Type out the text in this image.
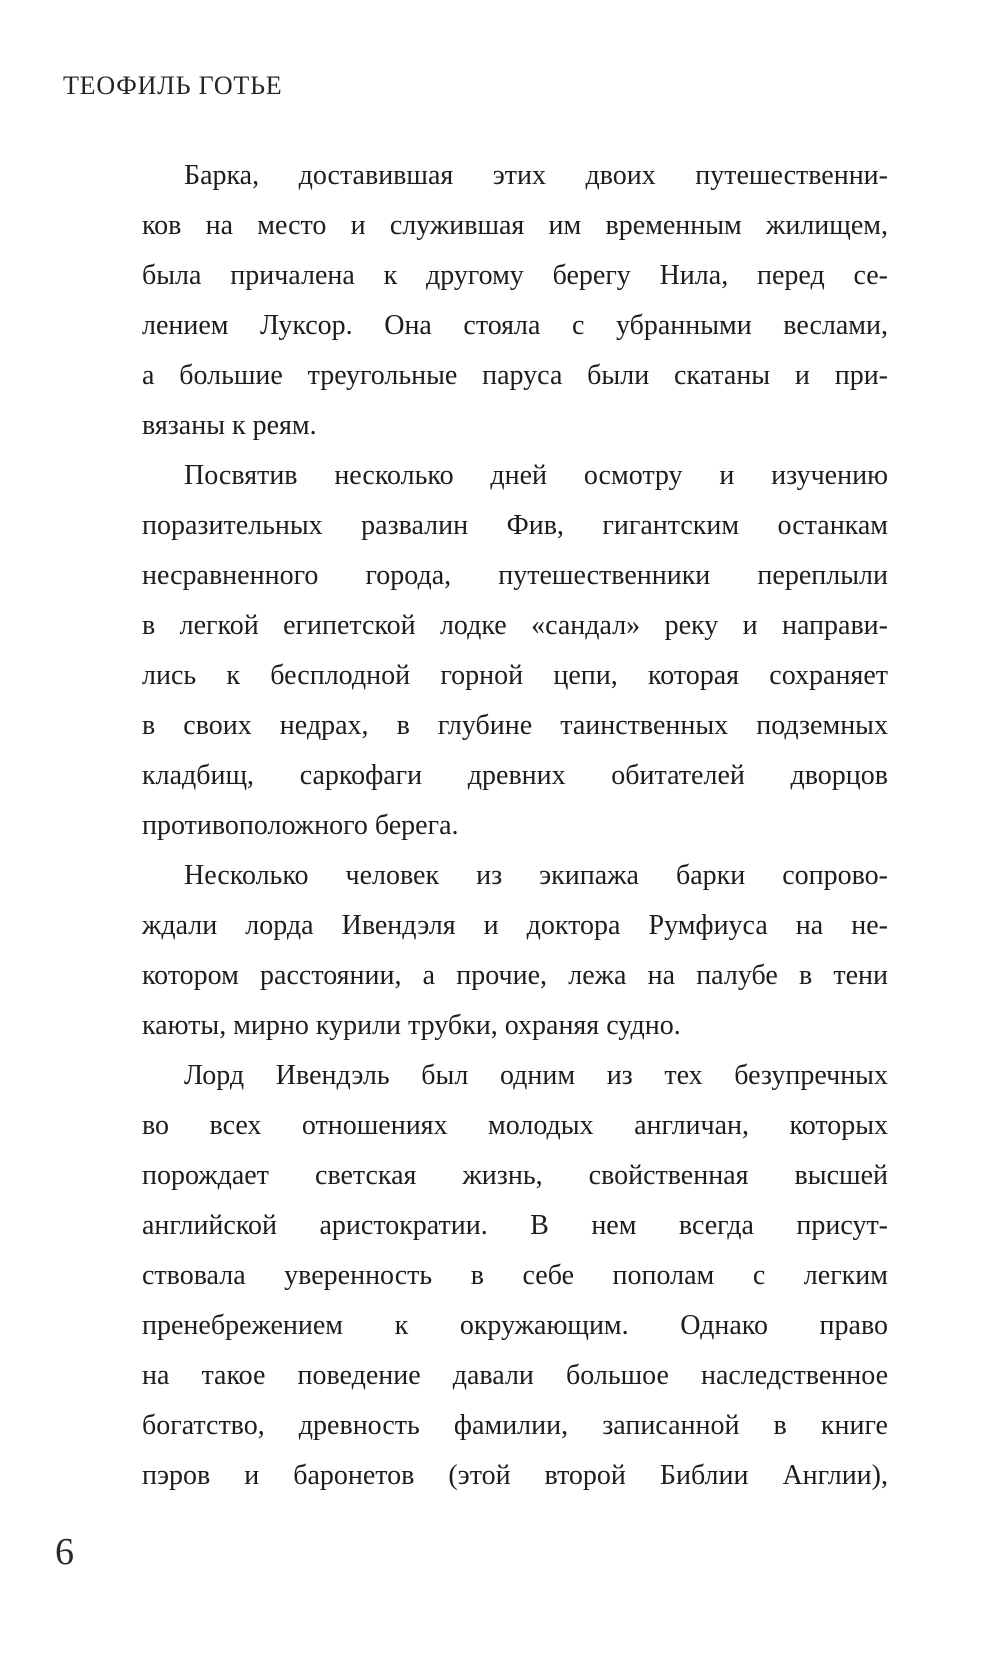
ТЕОФИЛЬ ГОТЬЕ
Барка, доставившая этих двоих путешественни-
ков на место и служившая им временным жилищем,
была причалена к другому берегу Нила, перед се-
лением Луксор. Она стояла с убранными веслами,
а большие треугольные паруса были скатаны и при-
вязаны к реям.
Посвятив несколько дней осмотру и изучению
поразительных развалин Фив, гигантским останкам
несравненного города, путешественники переплыли
в легкой египетской лодке «сандал» реку и направи-
лись к бесплодной горной цепи, которая сохраняет
в своих недрах, в глубине таинственных подземных
кладбищ, саркофаги древних обитателей дворцов
противоположного берега.
Несколько человек из экипажа барки сопрово-
ждали лорда Ивендэля и доктора Румфиуса на не-
котором расстоянии, а прочие, лежа на палубе в тени
каюты, мирно курили трубки, охраняя судно.
Лорд Ивендэль был одним из тех безупречных
во всех отношениях молодых англичан, которых
порождает светская жизнь, свойственная высшей
английской аристократии. В нем всегда присут-
ствовала уверенность в себе пополам с легким
пренебрежением к окружающим. Однако право
на такое поведение давали большое наследственное
богатство, древность фамилии, записанной в книге
пэров и баронетов (этой второй Библии Англии),
6
